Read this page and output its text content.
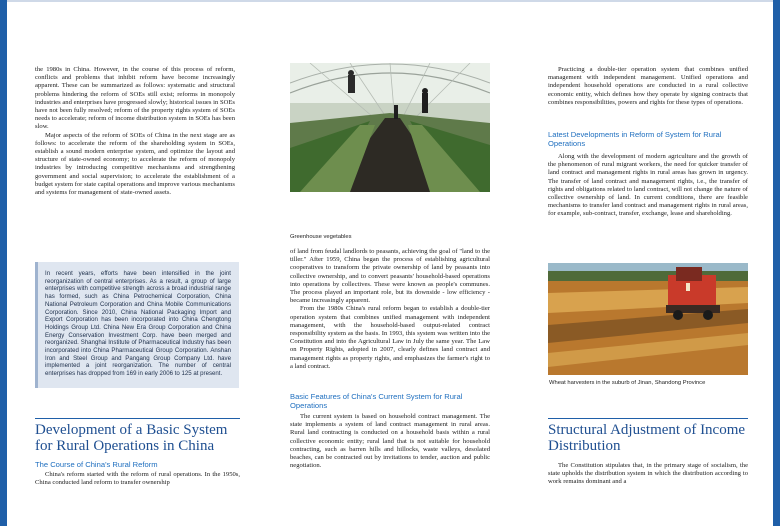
the 1980s in China. However, in the course of this process of reform, conflicts and problems that inhibit reform have become increasingly apparent. These can be summarized as follows: systematic and structural problems hindering the reform of SOEs still exist; reforms in monopoly industries and enterprises have progressed slowly; historical issues in SOEs have not been fully resolved; reform of the property rights system of SOEs needs to accelerate; reform of income distribution system in SOEs has been slow.

Major aspects of the reform of SOEs of China in the next stage are as follows: to accelerate the reform of the shareholding system in SOEs, establish a sound modern enterprise system, and optimize the layout and structure of state-owned economy; to accelerate the reform of monopoly industries by introducing competitive mechanisms and strengthening government and social supervision; to accelerate the establishment of a budget system for state capital operations and improve various mechanisms and systems for management of state-owned assets.

In recent years, efforts have been intensified in the joint reorganization of central enterprises. As a result, a group of large enterprises with competitive strength across a broad industrial range has formed, such as China Petrochemical Corporation, China National Petroleum Corporation and China Mobile Communications Corporation. Since 2010, China National Packaging Import and Export Corporation has been incorporated into China Chengtong Holdings Group Ltd. China New Era Group Corporation and China Energy Conservation Investment Corp. have been merged and reorganized. Shanghai Institute of Pharmaceutical Industry has been incorporated into China Pharmaceutical Group Corporation. Anshan Iron and Steel Group and Pangang Group Company Ltd. have implemented a joint reorganization. The number of central enterprises has dropped from 169 in early 2006 to 125 at present.
Development of a Basic System for Rural Operations in China
The Course of China's Rural Reform

China's reform started with the reform of rural operations. In the 1950s, China conducted land reform to transfer ownership

Greenhouse vegetables

of land from feudal landlords to peasants, achieving the goal of "land to the tiller." After 1959, China began the process of establishing agricultural cooperatives to transform the private ownership of land by peasants into collective ownership, and to convert peasants' household-based operations into operations by collectives. These were known as people's communes. The process played an important role, but its downside - low efficiency - became increasingly apparent.

From the 1980s China's rural reform began to establish a double-tier operation system that combines unified management with independent management, with the household-based output-related contract responsibility system as the basis. In 1993, this system was written into the Constitution and into the Agricultural Law in July the same year. The Law on Property Rights, adopted in 2007, clearly defines land contract and management rights as property rights, and emphasizes the farmer's right to a land contract.

Basic Features of China's Current System for Rural Operations

The current system is based on household contract management. The state implements a system of land contract management in rural areas. Rural land contracting is conducted on a household basis within a rural collective economic entity; rural land that is not suitable for household contracting, such as barren hills and hillocks, waste valleys, desolated beaches, can be contracted out by invitations to tender, auction and public negotiation.

Practicing a double-tier operation system that combines unified management with independent management. Unified operations and independent household operations are conducted in a rural collective economic entity, which defines how they operate by signing contracts that combines responsibilities, powers and rights for these types of operations.

Latest Developments in Reform of System for Rural Operations

Along with the development of modern agriculture and the growth of the phenomenon of rural migrant workers, the need for quicker transfer of land contract and management rights in rural areas has grown in urgency. The transfer of land contract and management rights, i.e., the transfer of rights and obligations related to land contract, will not change the nature of collective ownership of land. In current conditions, there are feasible mechanisms to transfer land contract and management rights in rural areas, for example, sub-contract, transfer, exchange, lease and shareholding.

Wheat harvesters in the suburb of Jinan, Shandong Province
Structural Adjustment of Income Distribution

The Constitution stipulates that, in the primary stage of socialism, the state upholds the distribution system in which the distribution according to work remains dominant and a
